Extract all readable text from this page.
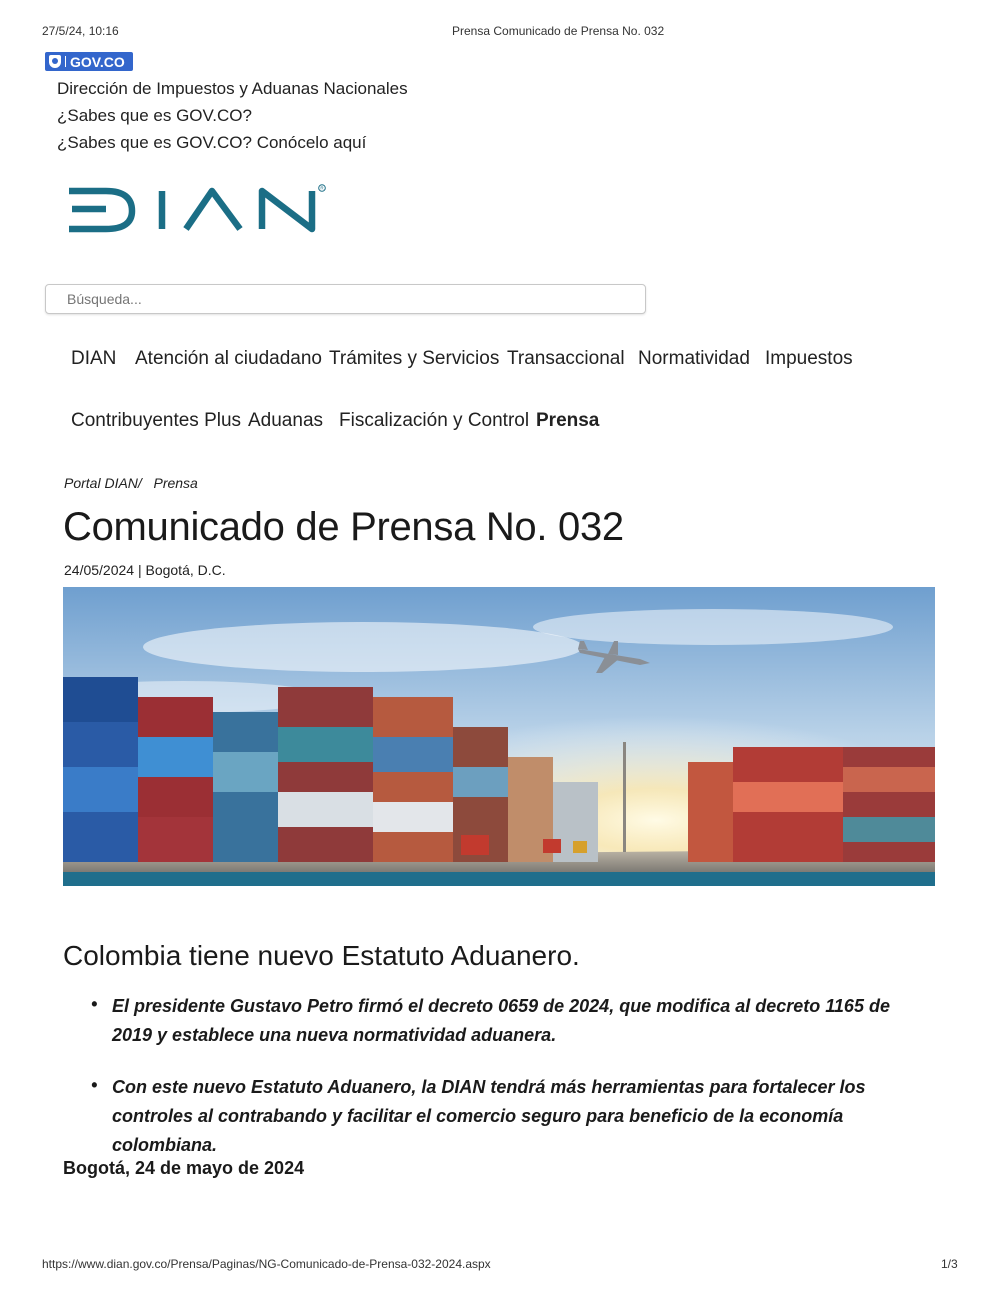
27/5/24, 10:16	Prensa Comunicado de Prensa No. 032
GOV.CO
Dirección de Impuestos y Aduanas Nacionales
¿Sabes que es GOV.CO?
¿Sabes que es GOV.CO? Conócelo aquí
R
Búsqueda...
DIAN Atención al ciudadano Trámites y Servicios Transaccional Normatividad Impuestos
Contribuyentes Plus Aduanas Fiscalización y Control Prensa
Portal DIAN/ Prensa
Comunicado de Prensa No. 032
24/05/2024 | Bogotá, D.C.
Colombia tiene nuevo Estatuto Aduanero.
• El presidente Gustavo Petro firmó el decreto 0659 de 2024, que modifica al decreto 1165 de 2019 y establece una nueva normatividad aduanera.
• Con este nuevo Estatuto Aduanero, la DIAN tendrá más herramientas para fortalecer los controles al contrabando y facilitar el comercio seguro para beneficio de la economía colombiana.
Bogotá, 24 de mayo de 2024
https://www.dian.gov.co/Prensa/Paginas/NG-Comunicado-de-Prensa-032-2024.aspx	1/3
